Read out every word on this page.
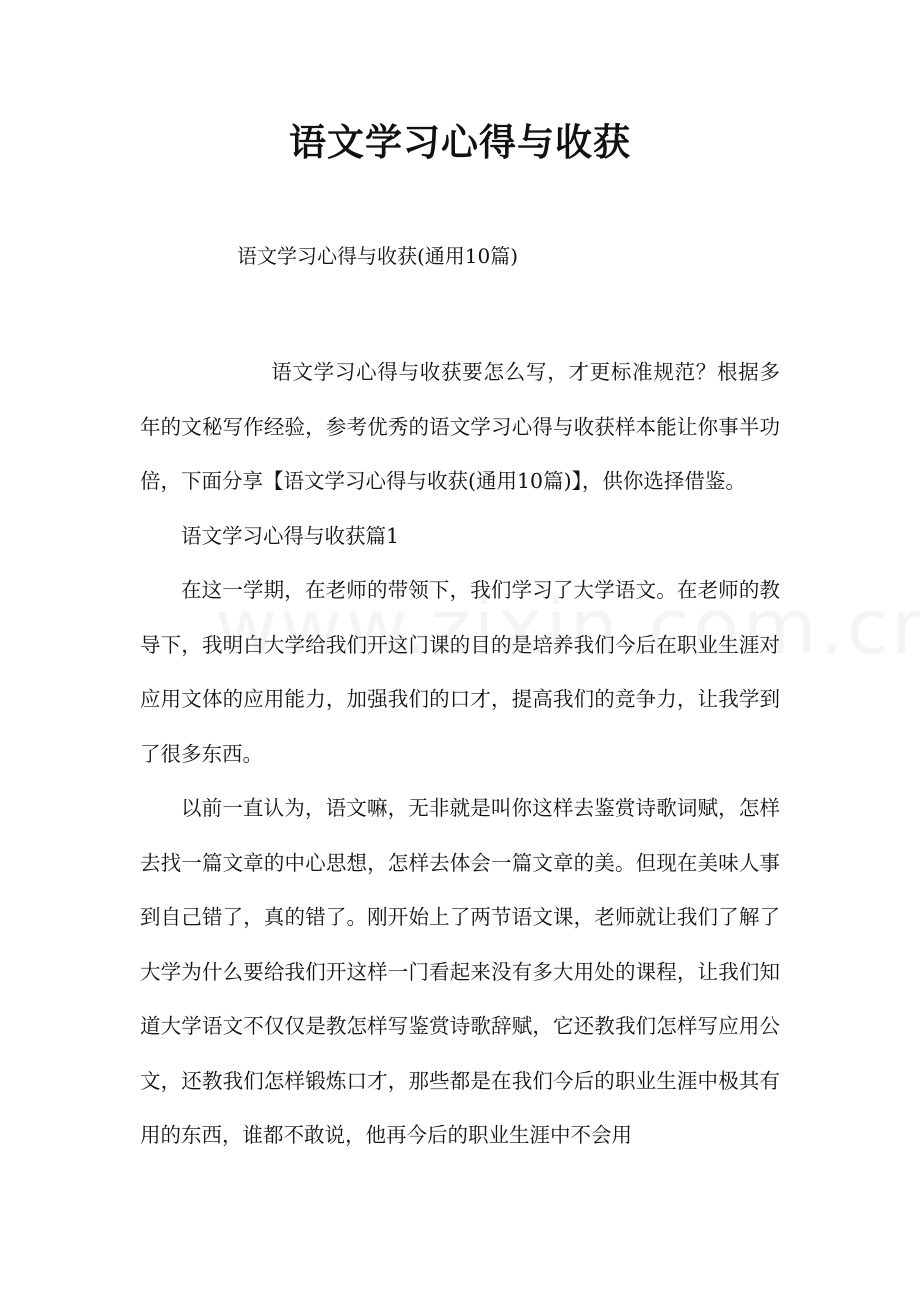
语文学习心得与收获

语文学习心得与收获(通用10篇)

语文学习心得与收获要怎么写，才更标准规范？根据多年的文秘写作经验，参考优秀的语文学习心得与收获样本能让你事半功倍，下面分享【语文学习心得与收获(通用10篇)】，供你选择借鉴。

语文学习心得与收获篇1

在这一学期，在老师的带领下，我们学习了大学语文。在老师的教导下，我明白大学给我们开这门课的目的是培养我们今后在职业生涯对应用文体的应用能力，加强我们的口才，提高我们的竞争力，让我学到了很多东西。

以前一直认为，语文嘛，无非就是叫你这样去鉴赏诗歌词赋，怎样去找一篇文章的中心思想，怎样去体会一篇文章的美。但现在美味人事到自己错了，真的错了。刚开始上了两节语文课，老师就让我们了解了大学为什么要给我们开这样一门看起来没有多大用处的课程，让我们知道大学语文不仅仅是教怎样写鉴赏诗歌辞赋，它还教我们怎样写应用公文，还教我们怎样锻炼口才，那些都是在我们今后的职业生涯中极其有用的东西，谁都不敢说，他再今后的职业生涯中不会用
